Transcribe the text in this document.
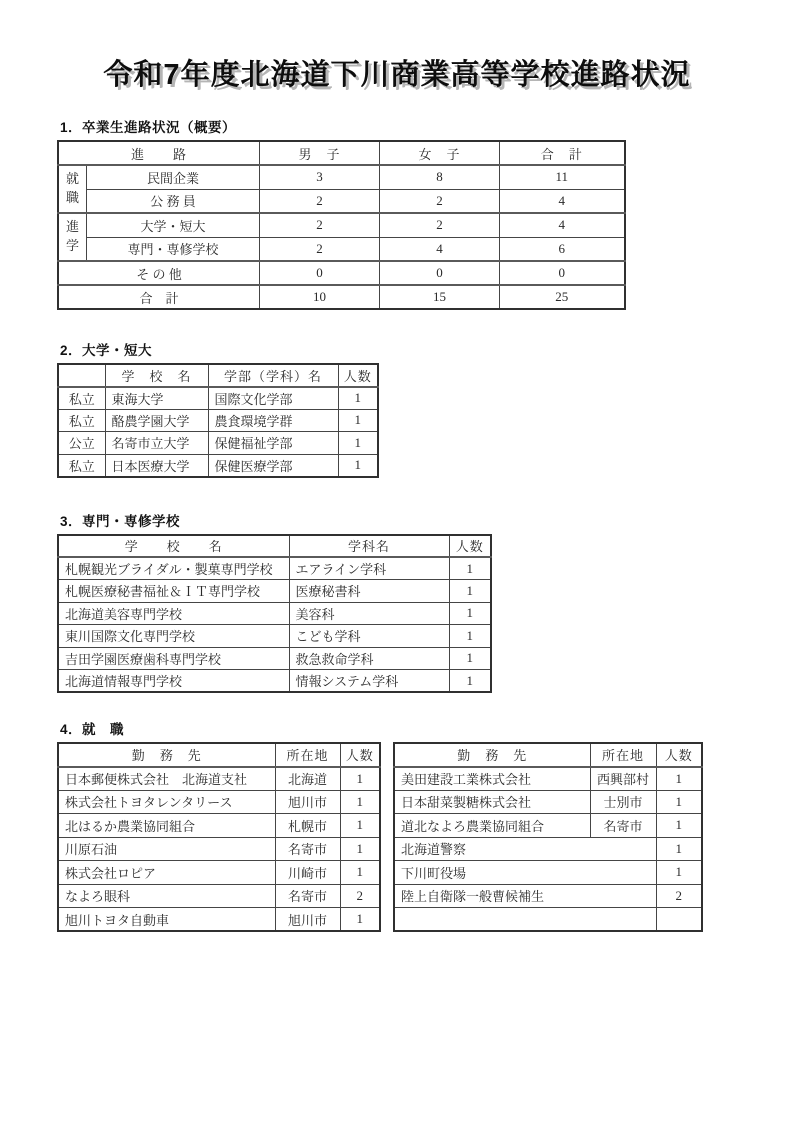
令和7年度北海道下川商業高等学校進路状況
1．卒業生進路状況（概要）
進　　路		男　子	女　子	合　計
就職	民間企業	3	8	11
	公 務 員	2	2	4
進学	大学・短大	2	2	4
	専門・専修学校	2	4	6
そ の 他		0	0	0
合　計		10	15	25
2．大学・短大
	学　校　名	学部（学科）名	人数
私立	東海大学	国際文化学部	1
私立	酪農学園大学	農食環境学群	1
公立	名寄市立大学	保健福祉学部	1
私立	日本医療大学	保健医療学部	1
3．専門・専修学校
学　　校　　名	学科名	人数
札幌観光ブライダル・製菓専門学校	エアライン学科	1
札幌医療秘書福祉＆ＩＴ専門学校	医療秘書科	1
北海道美容専門学校	美容科	1
東川国際文化専門学校	こども学科	1
吉田学園医療歯科専門学校	救急救命学科	1
北海道情報専門学校	情報システム学科	1
4．就　職
勤　務　先	所在地	人数
日本郵便株式会社　北海道支社	北海道	1
株式会社トヨタレンタリース	旭川市	1
北はるか農業協同組合	札幌市	1
川原石油	名寄市	1
株式会社ロピア	川崎市	1
なよろ眼科	名寄市	2
旭川トヨタ自動車	旭川市	1
勤　務　先	所在地	人数
美田建設工業株式会社	西興部村	1
日本甜菜製糖株式会社	士別市	1
道北なよろ農業協同組合	名寄市	1
北海道警察		1
下川町役場		1
陸上自衛隊一般曹候補生		2
